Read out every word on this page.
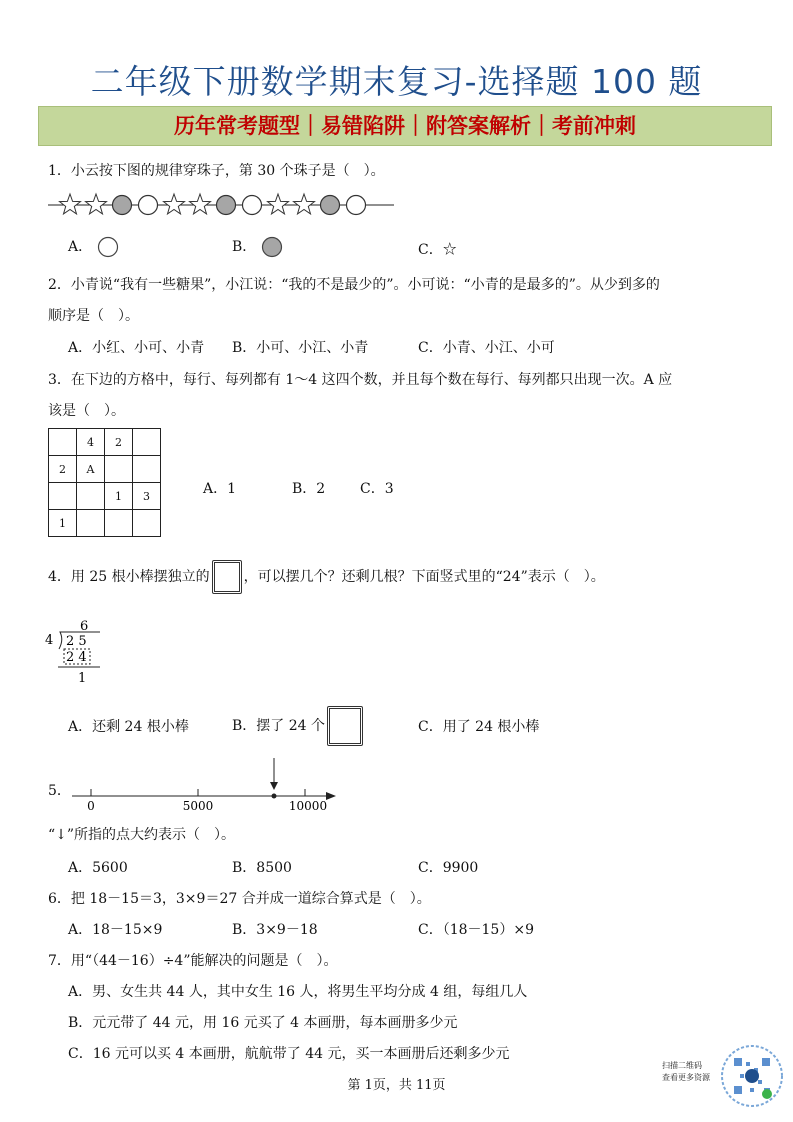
二年级下册数学期末复习-选择题 100 题
历年常考题型｜易错陷阱｜附答案解析｜考前冲刺
1．小云按下图的规律穿珠子，第 30 个珠子是（　）。
A．	B．	C．☆
2．小青说“我有一些糖果”，小江说：“我的不是最少的”。小可说：“小青的是最多的”。从少到多的
顺序是（　）。
A．小红、小可、小青 B．小可、小江、小青	C．小青、小江、小可
3．在下边的方格中，每行、每列都有 1～4 这四个数，并且每个数在每行、每列都只出现一次。A 应
该是（　）。
	4	2	
2	A		
		1	3
1			
A．1	B．2 C．3
4．用 25 根小棒摆独立的 ，可以摆几个？还剩几根？下面竖式里的“24”表示（　）。
6
4 2 5
2 4
1
A．还剩 24 根小棒	B．摆了 24 个	C．用了 24 根小棒
5．
0	5000	10000
“↓”所指的点大约表示（　）。
A．5600	B．8500	C．9900
6．把 18－15＝3，3×9＝27 合并成一道综合算式是（　）。
A．18－15×9	B．3×9－18	C．（18－15）×9
7．用“（44－16）÷4”能解决的问题是（　）。
A．男、女生共 44 人，其中女生 16 人，将男生平均分成 4 组，每组几人
B．元元带了 44 元，用 16 元买了 4 本画册，每本画册多少元
C．16 元可以买 4 本画册，航航带了 44 元，买一本画册后还剩多少元
第 1页，共 11页
扫描二维码
查看更多资源
